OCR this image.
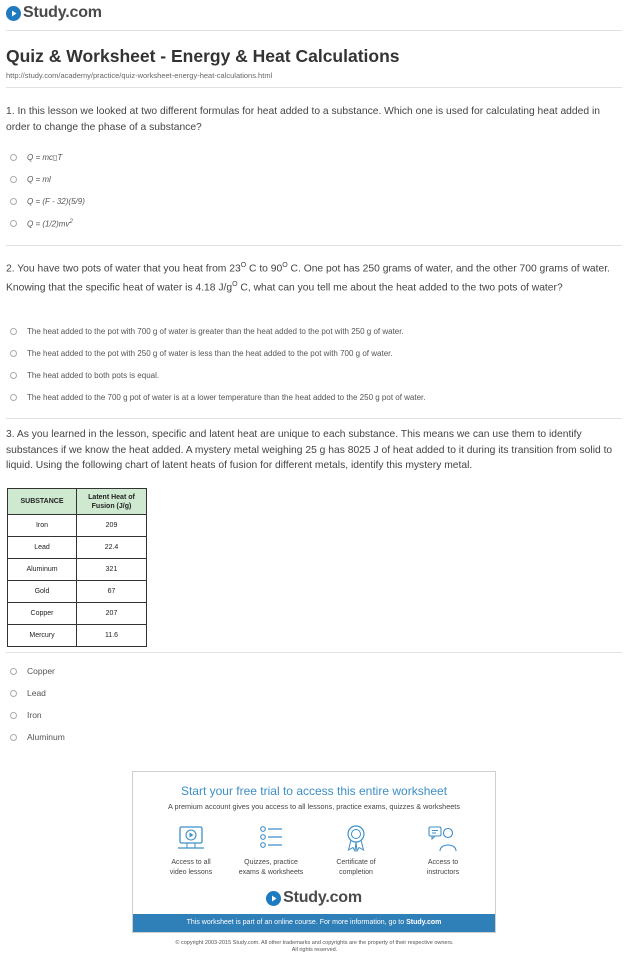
Study.com
Quiz & Worksheet - Energy & Heat Calculations
http://study.com/academy/practice/quiz-worksheet-energy-heat-calculations.html

1. In this lesson we looked at two different formulas for heat added to a substance. Which one is used for calculating heat added in order to change the phase of a substance?

Q = mc▯T
Q = ml
Q = (F - 32)(5/9)
$Q = (1/2)mv^2$

2. You have two pots of water that you heat from $23^O$ C to $90^O$ C. One pot has 250 grams of water, and the other 700 grams of water. Knowing that the specific heat of water is 4.18 $J/g^O$ C, what can you tell me about the heat added to the two pots of water?

The heat added to the pot with 700 g of water is greater than the heat added to the pot with 250 g of water.
The heat added to the pot with 250 g of water is less than the heat added to the pot with 700 g of water.
The heat added to both pots is equal.
The heat added to the 700 g pot of water is at a lower temperature than the heat added to the 250 g pot of water.

3. As you learned in the lesson, specific and latent heat are unique to each substance. This means we can use them to identify substances if we know the heat added. A mystery metal weighing 25 g has 8025 J of heat added to it during its transition from solid to liquid. Using the following chart of latent heats of fusion for different metals, identify this mystery metal.

SUBSTANCE	Latent Heat of Fusion (J/g)
Iron	209
Lead	22.4
Aluminum	321
Gold	67
Copper	207
Mercury	11.6
Copper
Lead
Iron
Aluminum
Start your free trial to access this entire worksheet
A premium account gives you access to all lessons, practice exams, quizzes & worksheets
Access to all
video lessons
Quizzes, practice
exams & worksheets
Certificate of
completion
Access to
instructors
Study.com
This worksheet is part of an online course. For more information, go to Study.com
© copyright 2003-2015 Study.com. All other trademarks and copyrights are the property of their respective owners.
All rights reserved.
